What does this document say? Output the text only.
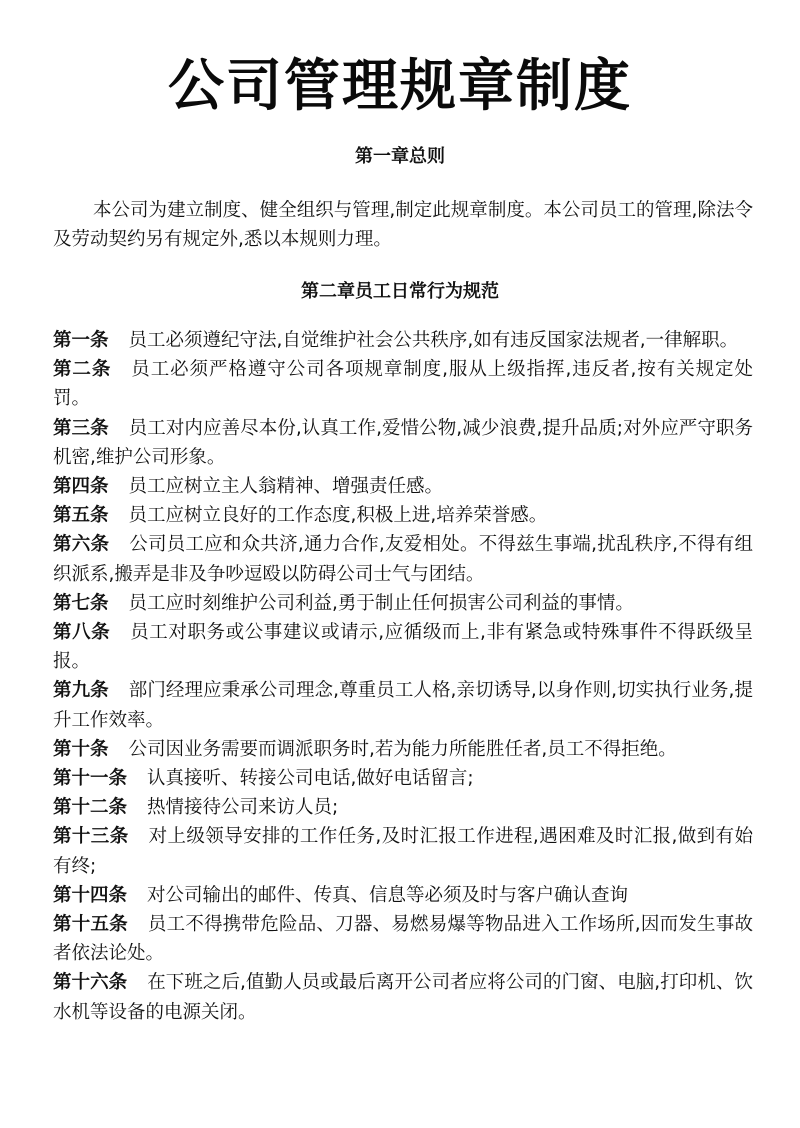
公司管理规章制度
第一章总则

本公司为建立制度、健全组织与管理,制定此规章制度。本公司员工的管理,除法令及劳动契约另有规定外,悉以本规则力理。

第二章员工日常行为规范

第一条 员工必须遵纪守法,自觉维护社会公共秩序,如有违反国家法规者,一律解职。

第二条 员工必须严格遵守公司各项规章制度,服从上级指挥,违反者,按有关规定处罚。

第三条 员工对内应善尽本份,认真工作,爱惜公物,减少浪费,提升品质;对外应严守职务机密,维护公司形象。

第四条 员工应树立主人翁精神、增强责任感。

第五条 员工应树立良好的工作态度,积极上进,培养荣誉感。

第六条 公司员工应和众共济,通力合作,友爱相处。不得兹生事端,扰乱秩序,不得有组织派系,搬弄是非及争吵逗殴以防碍公司士气与团结。

第七条 员工应时刻维护公司利益,勇于制止任何损害公司利益的事情。

第八条 员工对职务或公事建议或请示,应循级而上,非有紧急或特殊事件不得跃级呈报。

第九条 部门经理应秉承公司理念,尊重员工人格,亲切诱导,以身作则,切实执行业务,提升工作效率。

第十条 公司因业务需要而调派职务时,若为能力所能胜任者,员工不得拒绝。

第十一条 认真接听、转接公司电话,做好电话留言;

第十二条 热情接待公司来访人员;

第十三条 对上级领导安排的工作任务,及时汇报工作进程,遇困难及时汇报,做到有始有终;

第十四条 对公司输出的邮件、传真、信息等必须及时与客户确认查询

第十五条 员工不得携带危险品、刀器、易燃易爆等物品进入工作场所,因而发生事故者依法论处。

第十六条 在下班之后,值勤人员或最后离开公司者应将公司的门窗、电脑,打印机、饮水机等设备的电源关闭。
